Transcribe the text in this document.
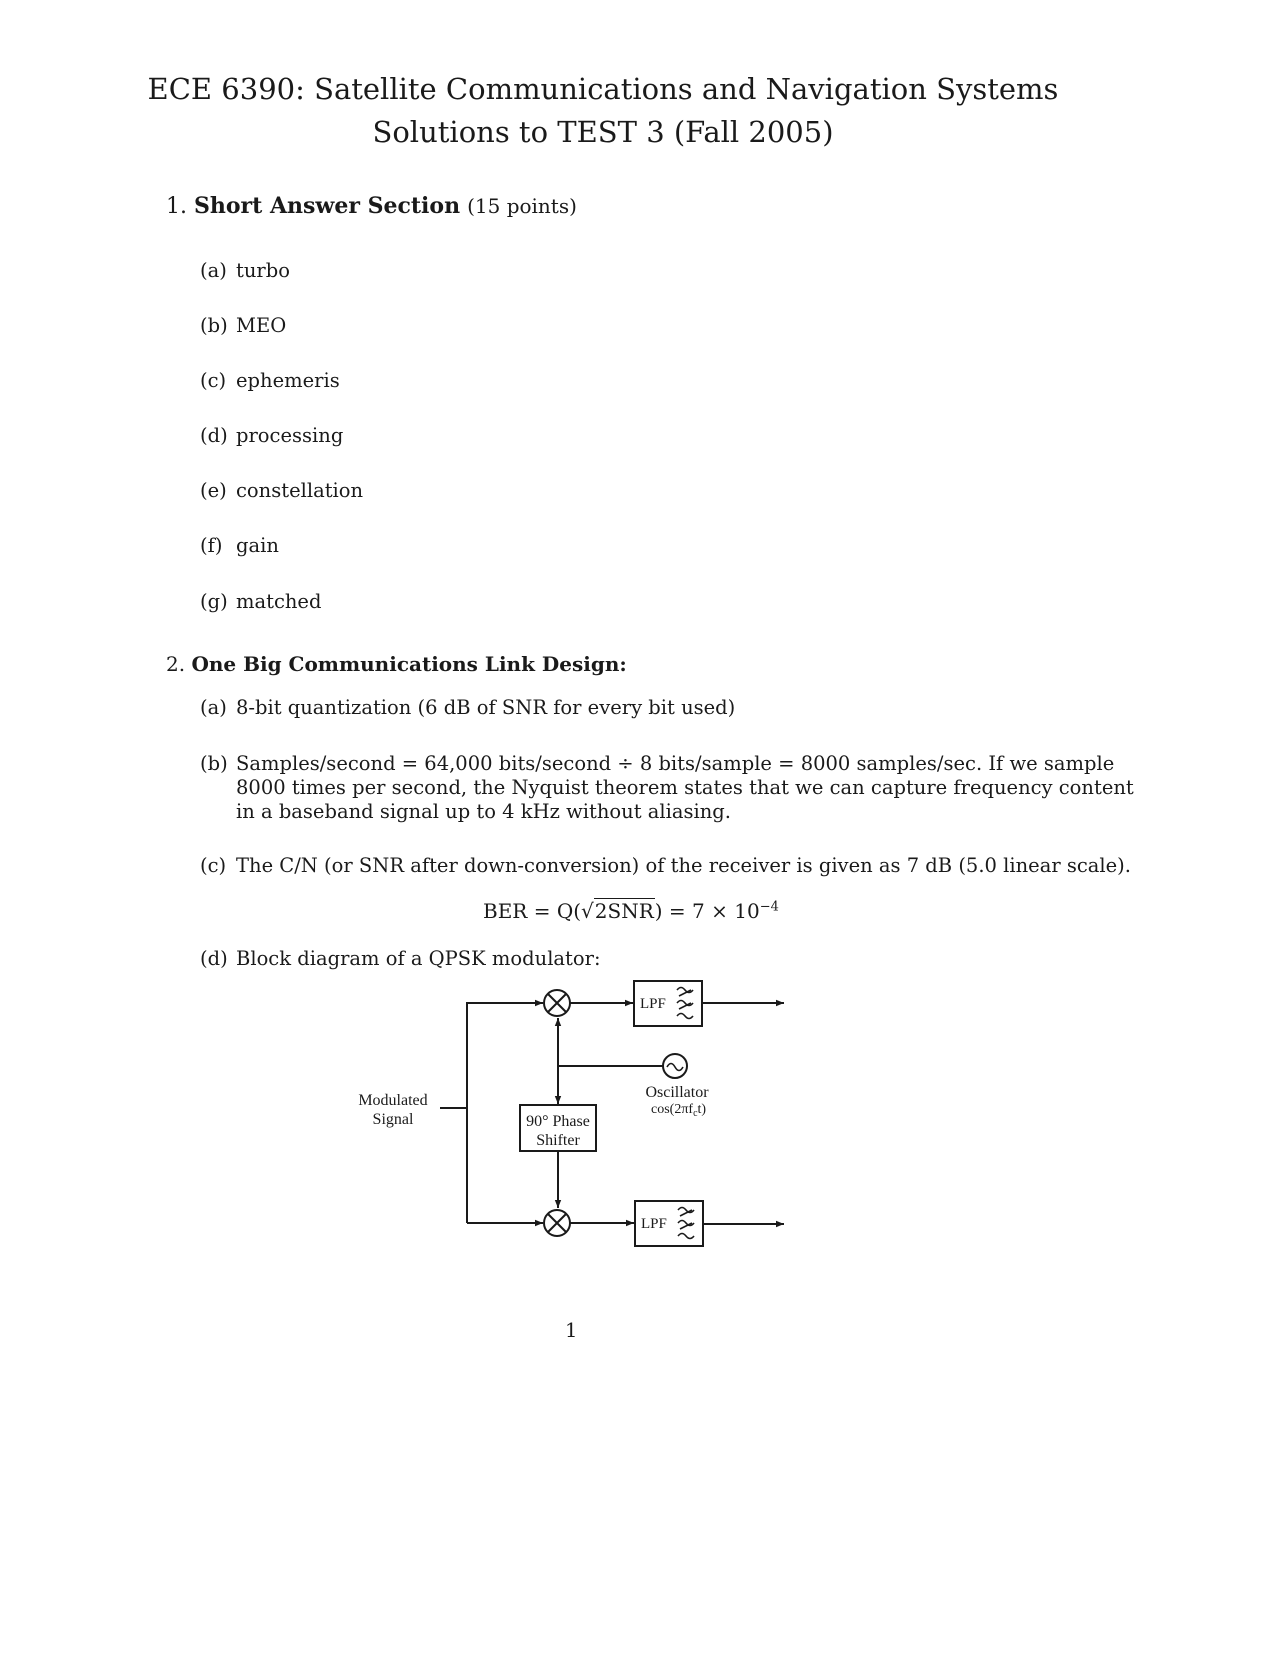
ECE 6390: Satellite Communications and Navigation Systems
Solutions to TEST 3 (Fall 2005)
1. Short Answer Section (15 points)
(a) turbo
(b) MEO
(c) ephemeris
(d) processing
(e) constellation
(f) gain
(g) matched
2. One Big Communications Link Design:
(a) 8-bit quantization (6 dB of SNR for every bit used)
(b) Samples/second = 64,000 bits/second ÷ 8 bits/sample = 8000 samples/sec. If we sample
8000 times per second, the Nyquist theorem states that we can capture frequency content
in a baseband signal up to 4 kHz without aliasing.
(c) The C/N (or SNR after down-conversion) of the receiver is given as 7 dB (5.0 linear scale).
BER = $Q(√2SNR) = 7 \times 10^{-4}$
(d) Block diagram of a QPSK modulator:
Modulated
Signal
LPF
LPF
Oscillator
$\cos(2\pi f_ct)$
90° Phase
Shifter
1
